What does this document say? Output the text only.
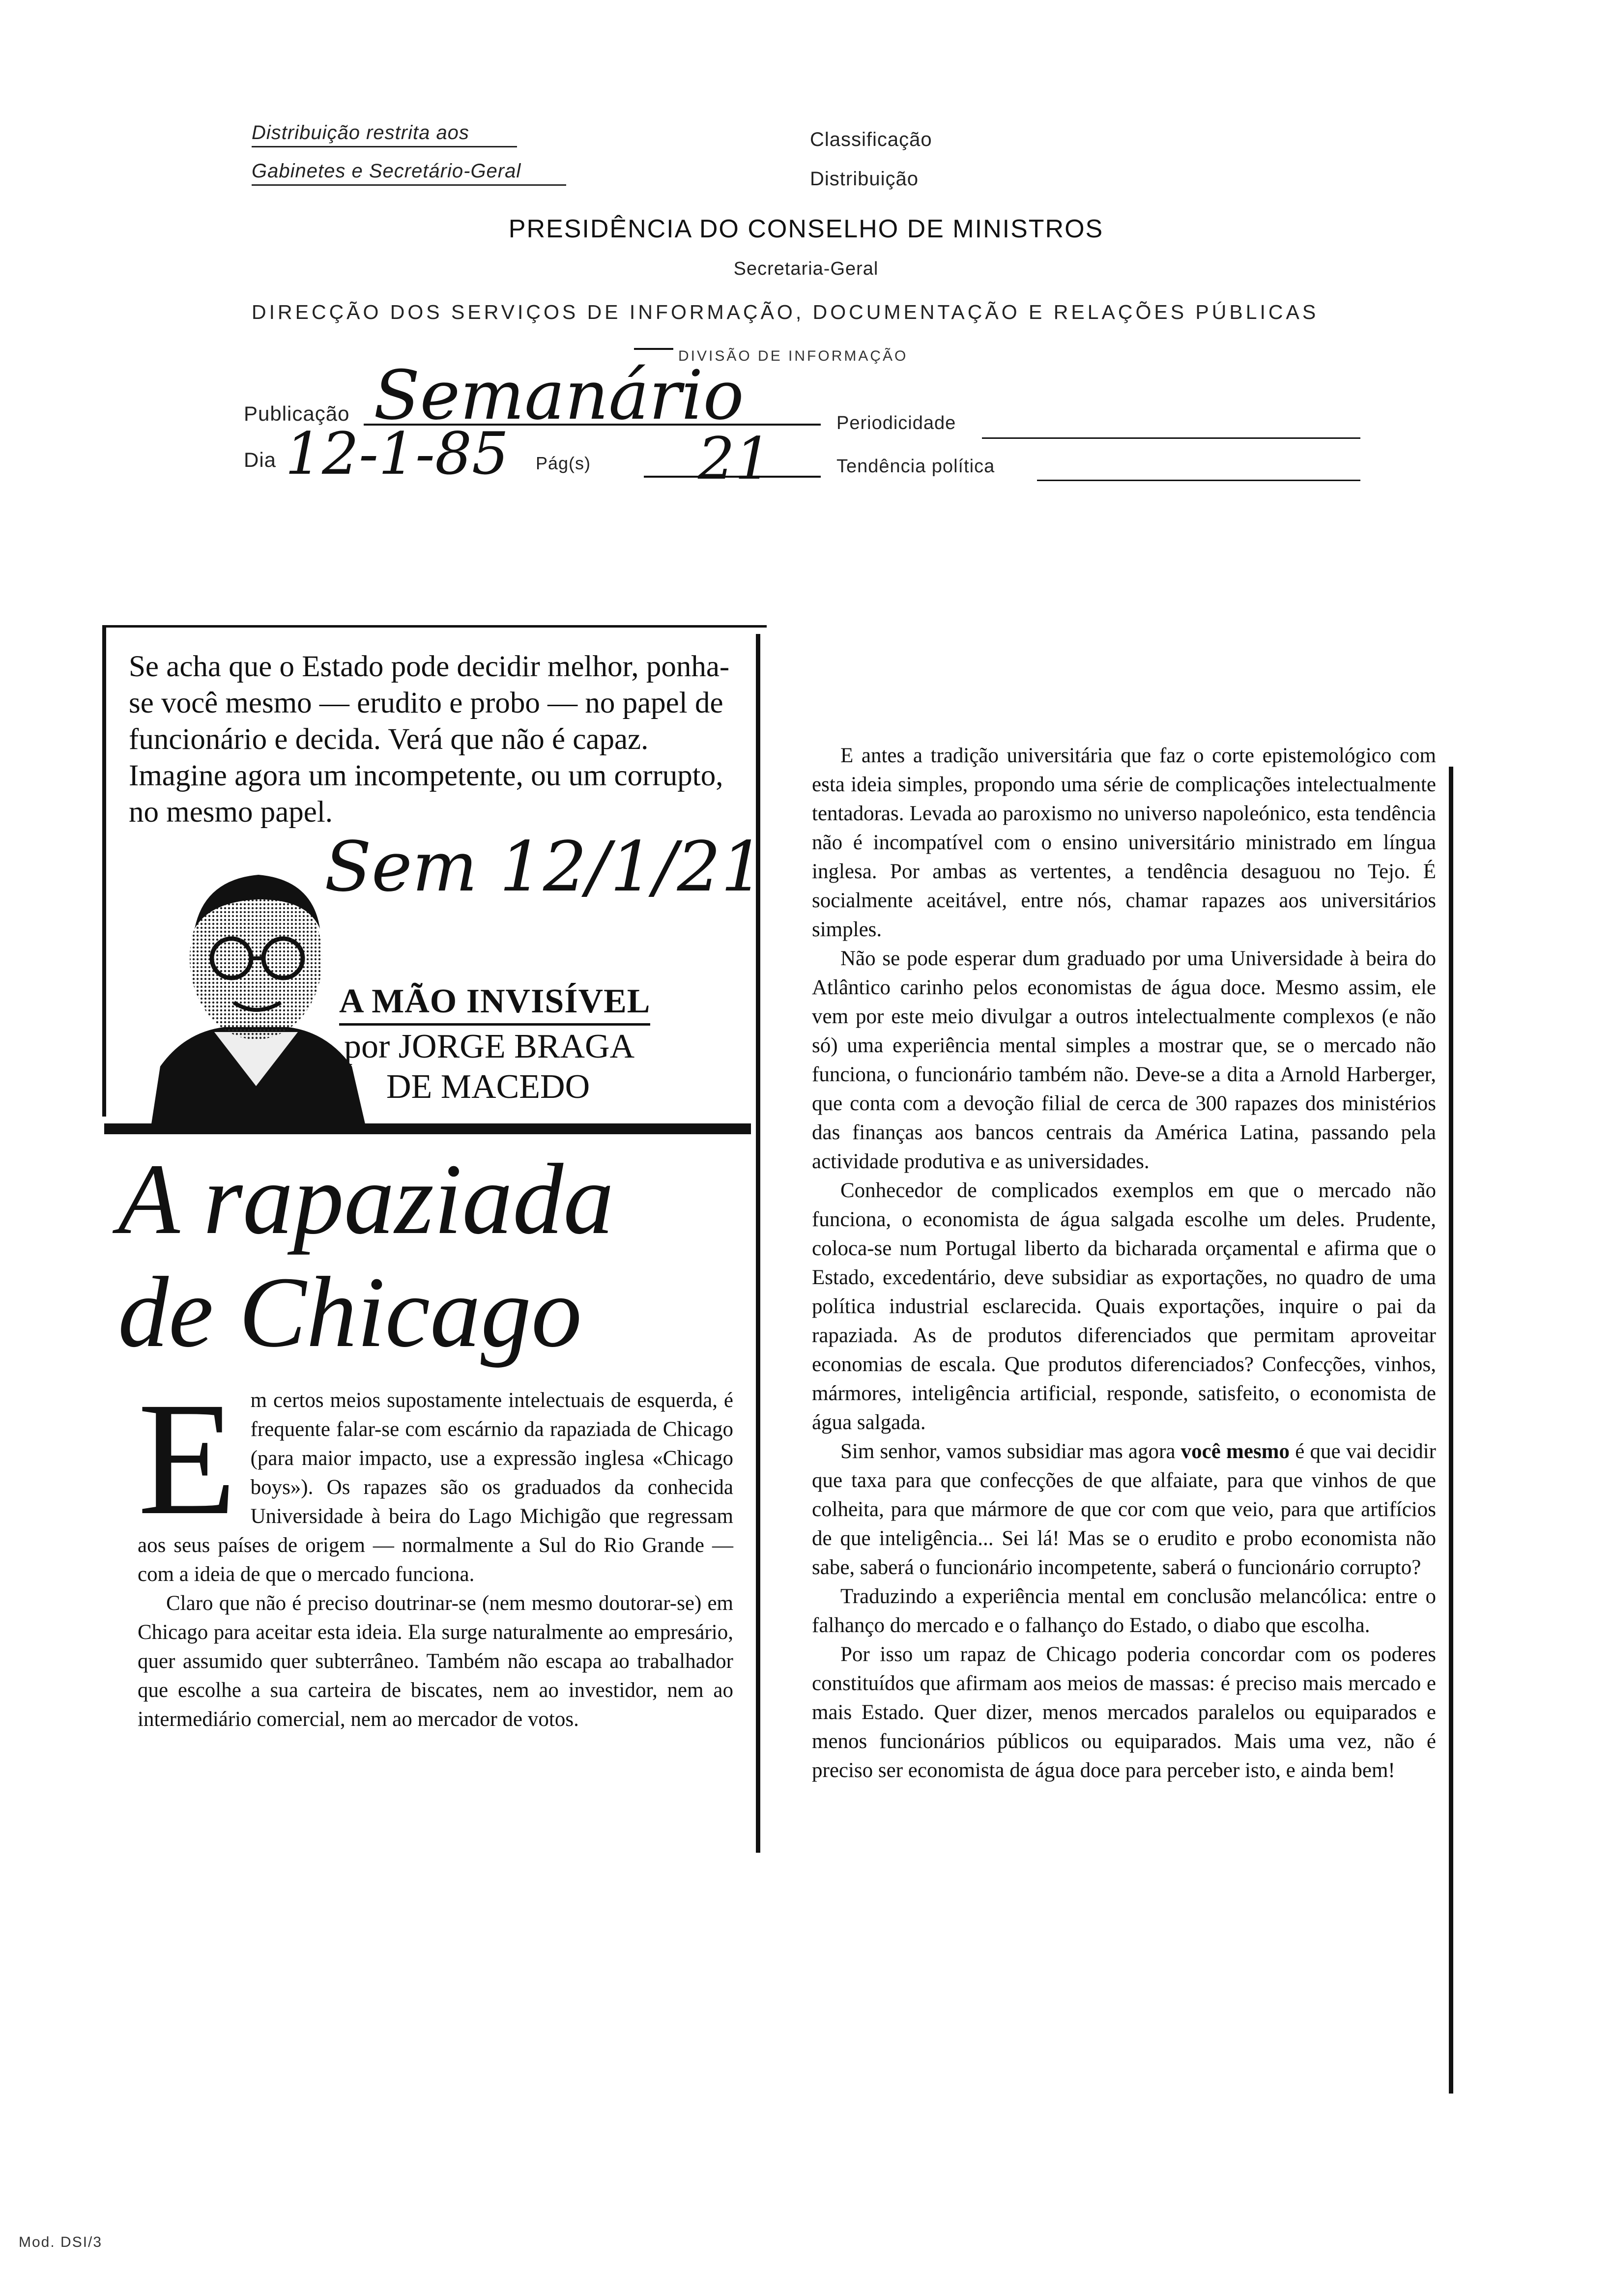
Distribuição restrita aos
Gabinetes e Secretário-Geral
Classificação
Distribuição
PRESIDÊNCIA DO CONSELHO DE MINISTROS
Secretaria-Geral
DIRECÇÃO DOS SERVIÇOS DE INFORMAÇÃO, DOCUMENTAÇÃO E RELAÇÕES PÚBLICAS
DIVISÃO DE INFORMAÇÃO
Publicação Semanário	Periodicidade
Dia 12-1-85 Pág(s) 21	Tendência política
Se acha que o Estado pode decidir melhor, ponha-se você mesmo — erudito e probo — no papel de funcionário e decida. Verá que não é capaz. Imagine agora um incompetente, ou um corrupto, no mesmo papel.
Sem 12/1/21
A MÃO INVISÍVEL
por JORGE BRAGA
DE MACEDO
A rapaziada
de Chicago
E m certos meios supostamente intelectuais de esquerda, é frequente falar-se com escárnio da rapaziada de Chicago (para maior impacto, use a expressão inglesa «Chicago boys»). Os rapazes são os graduados da conhecida Universidade à beira do Lago Michigão que regressam aos seus países de origem — normalmente a Sul do Rio Grande — com a ideia de que o mercado funciona.

Claro que não é preciso doutrinar-se (nem mesmo doutorar-se) em Chicago para aceitar esta ideia. Ela surge naturalmente ao empresário, quer assumido quer subterrâneo. Também não escapa ao trabalhador que escolhe a sua carteira de biscates, nem ao investidor, nem ao intermediário comercial, nem ao mercador de votos.

E antes a tradição universitária que faz o corte epistemológico com esta ideia simples, propondo uma série de complicações intelectualmente tentadoras. Levada ao paroxismo no universo napoleónico, esta tendência não é incompatível com o ensino universitário ministrado em língua inglesa. Por ambas as vertentes, a tendência desaguou no Tejo. É socialmente aceitável, entre nós, chamar rapazes aos universitários simples.

Não se pode esperar dum graduado por uma Universidade à beira do Atlântico carinho pelos economistas de água doce. Mesmo assim, ele vem por este meio divulgar a outros intelectualmente complexos (e não só) uma experiência mental simples a mostrar que, se o mercado não funciona, o funcionário também não. Deve-se a dita a Arnold Harberger, que conta com a devoção filial de cerca de 300 rapazes dos ministérios das finanças aos bancos centrais da América Latina, passando pela actividade produtiva e as universidades.

Conhecedor de complicados exemplos em que o mercado não funciona, o economista de água salgada escolhe um deles. Prudente, coloca-se num Portugal liberto da bicharada orçamental e afirma que o Estado, excedentário, deve subsidiar as exportações, no quadro de uma política industrial esclarecida. Quais exportações, inquire o pai da rapaziada. As de produtos diferenciados que permitam aproveitar economias de escala. Que produtos diferenciados? Confecções, vinhos, mármores, inteligência artificial, responde, satisfeito, o economista de água salgada.

Sim senhor, vamos subsidiar mas agora você mesmo é que vai decidir que taxa para que confecções de que alfaiate, para que vinhos de que colheita, para que mármore de que cor com que veio, para que artifícios de que inteligência... Sei lá! Mas se o erudito e probo economista não sabe, saberá o funcionário incompetente, saberá o funcionário corrupto?

Traduzindo a experiência mental em conclusão melancólica: entre o falhanço do mercado e o falhanço do Estado, o diabo que escolha.

Por isso um rapaz de Chicago poderia concordar com os poderes constituídos que afirmam aos meios de massas: é preciso mais mercado e mais Estado. Quer dizer, menos mercados paralelos ou equiparados e menos funcionários públicos ou equiparados. Mais uma vez, não é preciso ser economista de água doce para perceber isto, e ainda bem!

Mod. DSI/3
